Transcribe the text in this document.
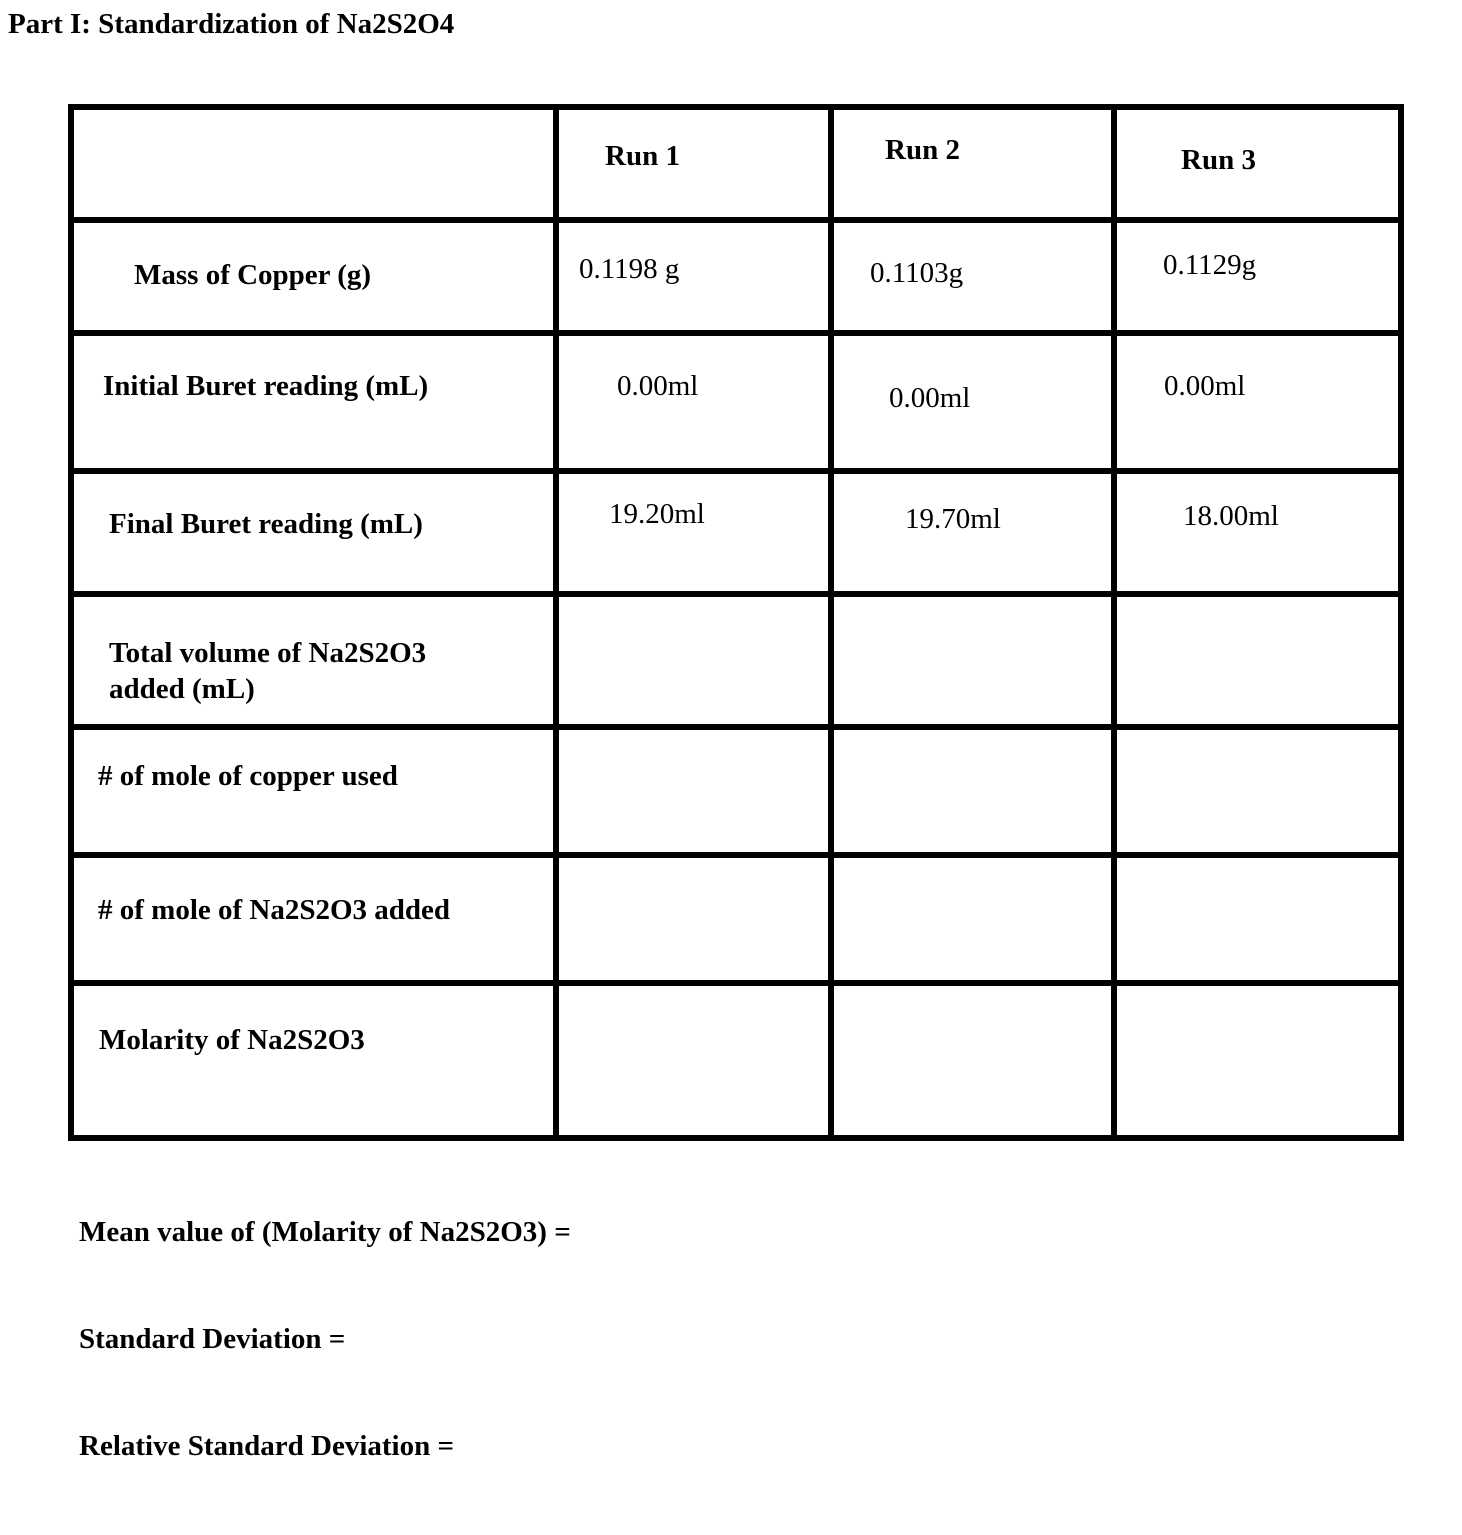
Part I: Standardization of Na2S2O4

	Run 1	Run 2	Run 3

Mass of Copper (g)	0.1198 g	0.1103g	0.1129g

Initial Buret reading (mL)	0.00ml	0.00ml	0.00ml

Final Buret reading (mL)	19.20ml	19.70ml	18.00ml

Total volume of Na2S2O3
added (mL)			

# of mole of copper used			

# of mole of Na2S2O3 added			

Molarity of Na2S2O3			

Mean value of (Molarity of Na2S2O3) =
Standard Deviation =
Relative Standard Deviation =
